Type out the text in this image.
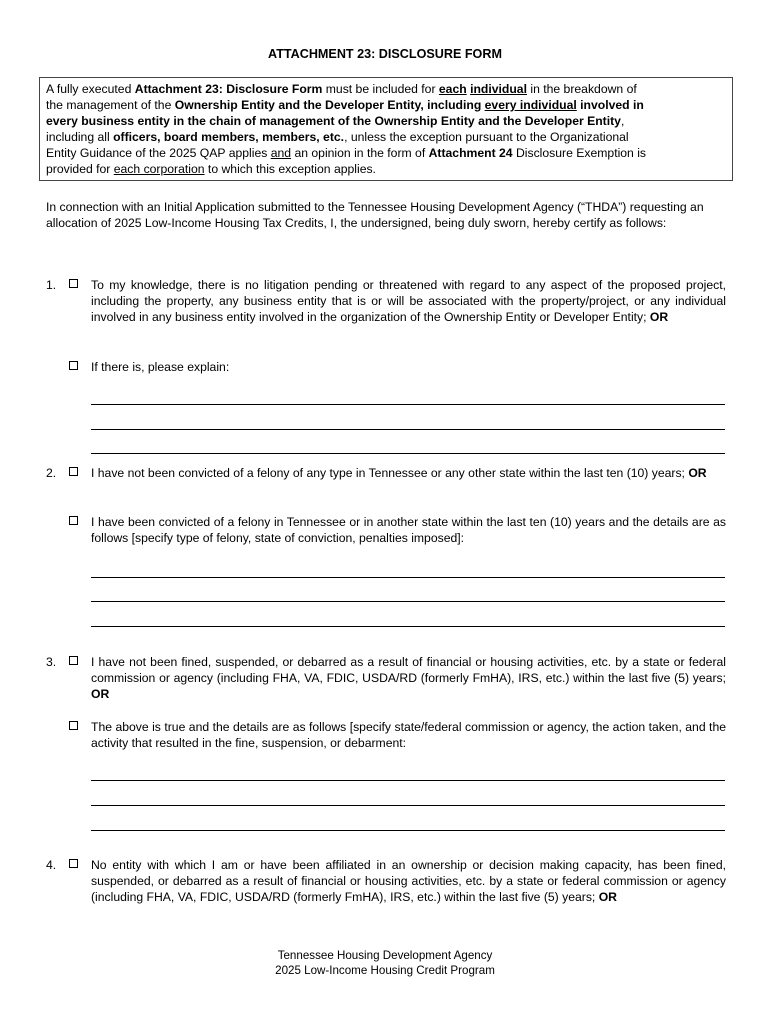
ATTACHMENT 23: DISCLOSURE FORM
A fully executed Attachment 23: Disclosure Form must be included for each individual in the breakdown of
the management of the Ownership Entity and the Developer Entity, including every individual involved in
every business entity in the chain of management of the Ownership Entity and the Developer Entity,
including all officers, board members, members, etc., unless the exception pursuant to the Organizational
Entity Guidance of the 2025 QAP applies and an opinion in the form of Attachment 24 Disclosure Exemption is
provided for each corporation to which this exception applies.
In connection with an Initial Application submitted to the Tennessee Housing Development Agency (“THDA”) requesting an allocation of 2025 Low-Income Housing Tax Credits, I, the undersigned, being duly sworn, hereby certify as follows:
1.	To my knowledge, there is no litigation pending or threatened with regard to any aspect of the proposed project, including the property, any business entity that is or will be associated with the property/project, or any individual involved in any business entity involved in the organization of the Ownership Entity or Developer Entity; OR
If there is, please explain:
2.	I have not been convicted of a felony of any type in Tennessee or any other state within the last ten (10) years; OR
I have been convicted of a felony in Tennessee or in another state within the last ten (10) years and the details are as follows [specify type of felony, state of conviction, penalties imposed]:
3.	I have not been fined, suspended, or debarred as a result of financial or housing activities, etc. by a state or federal commission or agency (including FHA, VA, FDIC, USDA/RD (formerly FmHA), IRS, etc.) within the last five (5) years; OR
The above is true and the details are as follows [specify state/federal commission or agency, the action taken, and the activity that resulted in the fine, suspension, or debarment:
4.	No entity with which I am or have been affiliated in an ownership or decision making capacity, has been fined, suspended, or debarred as a result of financial or housing activities, etc. by a state or federal commission or agency (including FHA, VA, FDIC, USDA/RD (formerly FmHA), IRS, etc.) within the last five (5) years; OR
Tennessee Housing Development Agency
2025 Low-Income Housing Credit Program
